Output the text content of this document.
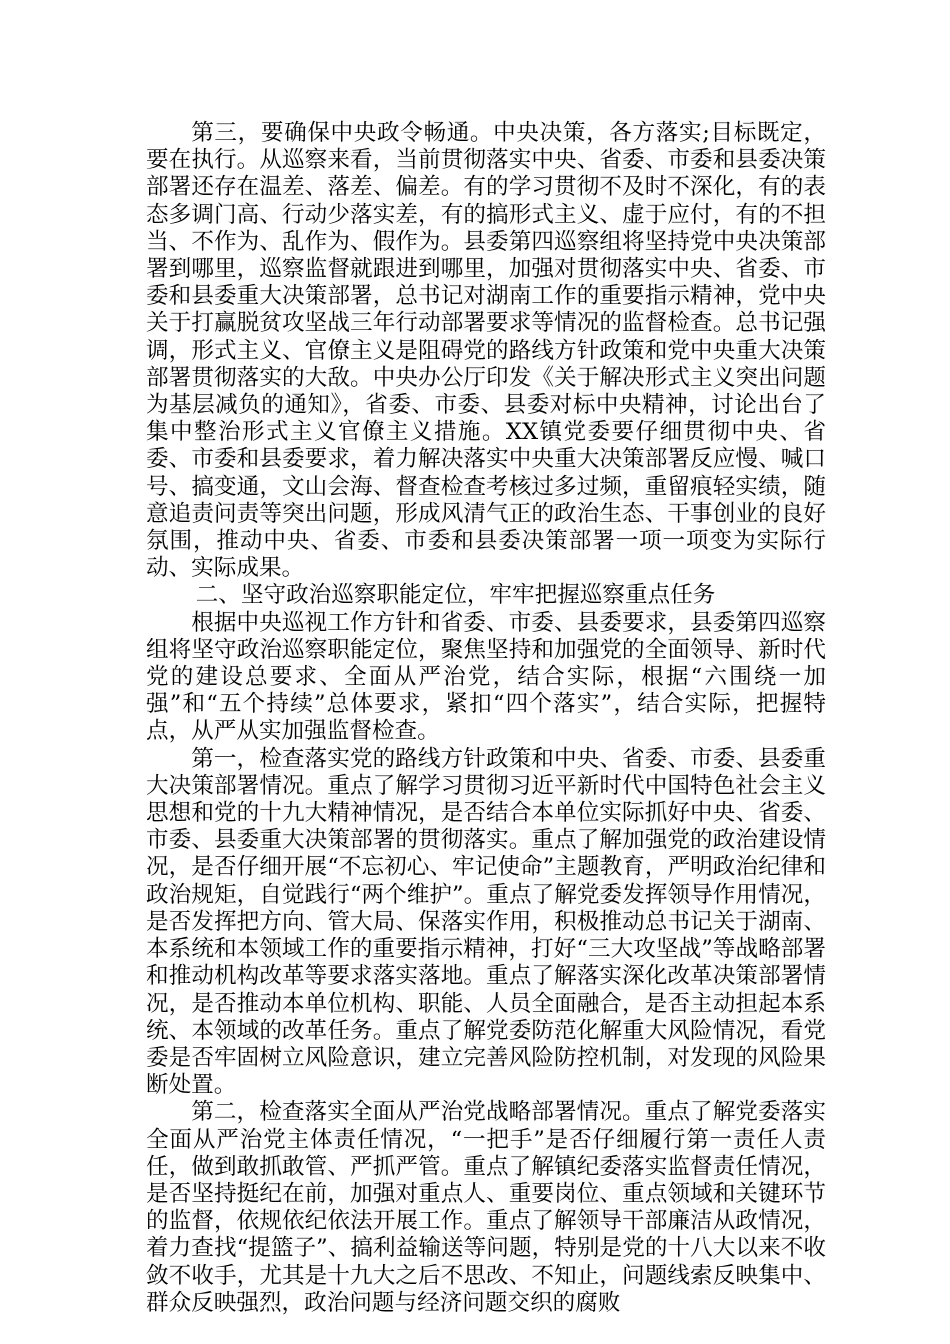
第三，要确保中央政令畅通。中央决策，各方落实;目标既定，要在执行。从巡察来看，当前贯彻落实中央、省委、市委和县委决策部署还存在温差、落差、偏差。有的学习贯彻不及时不深化，有的表态多调门高、行动少落实差，有的搞形式主义、虚于应付，有的不担当、不作为、乱作为、假作为。县委第四巡察组将坚持党中央决策部署到哪里，巡察监督就跟进到哪里，加强对贯彻落实中央、省委、市委和县委重大决策部署，总书记对湖南工作的重要指示精神，党中央关于打赢脱贫攻坚战三年行动部署要求等情况的监督检查。总书记强调，形式主义、官僚主义是阻碍党的路线方针政策和党中央重大决策部署贯彻落实的大敌。中央办公厅印发《关于解决形式主义突出问题为基层减负的通知》，省委、市委、县委对标中央精神，讨论出台了集中整治形式主义官僚主义措施。XX镇党委要仔细贯彻中央、省委、市委和县委要求，着力解决落实中央重大决策部署反应慢、喊口号、搞变通，文山会海、督查检查考核过多过频，重留痕轻实绩，随意追责问责等突出问题，形成风清气正的政治生态、干事创业的良好氛围，推动中央、省委、市委和县委决策部署一项一项变为实际行动、实际成果。

二、坚守政治巡察职能定位，牢牢把握巡察重点任务

根据中央巡视工作方针和省委、市委、县委要求，县委第四巡察组将坚守政治巡察职能定位，聚焦坚持和加强党的全面领导、新时代党的建设总要求、全面从严治党，结合实际，根据“六围绕一加强”和“五个持续”总体要求，紧扣“四个落实”，结合实际，把握特点，从严从实加强监督检查。

第一，检查落实党的路线方针政策和中央、省委、市委、县委重大决策部署情况。重点了解学习贯彻习近平新时代中国特色社会主义思想和党的十九大精神情况，是否结合本单位实际抓好中央、省委、市委、县委重大决策部署的贯彻落实。重点了解加强党的政治建设情况，是否仔细开展“不忘初心、牢记使命”主题教育，严明政治纪律和政治规矩，自觉践行“两个维护”。重点了解党委发挥领导作用情况，是否发挥把方向、管大局、保落实作用，积极推动总书记关于湖南、本系统和本领域工作的重要指示精神，打好“三大攻坚战”等战略部署和推动机构改革等要求落实落地。重点了解落实深化改革决策部署情况，是否推动本单位机构、职能、人员全面融合，是否主动担起本系统、本领域的改革任务。重点了解党委防范化解重大风险情况，看党委是否牢固树立风险意识，建立完善风险防控机制，对发现的风险果断处置。

第二，检查落实全面从严治党战略部署情况。重点了解党委落实全面从严治党主体责任情况，“一把手”是否仔细履行第一责任人责任，做到敢抓敢管、严抓严管。重点了解镇纪委落实监督责任情况，是否坚持挺纪在前，加强对重点人、重要岗位、重点领域和关键环节的监督，依规依纪依法开展工作。重点了解领导干部廉洁从政情况，着力查找“提篮子”、搞利益输送等问题，特别是党的十八大以来不收敛不收手，尤其是十九大之后不思改、不知止，问题线索反映集中、群众反映强烈，政治问题与经济问题交织的腐败
